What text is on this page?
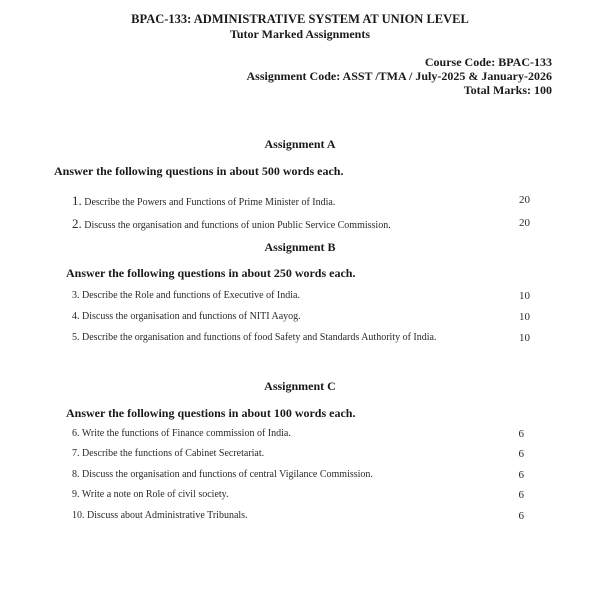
BPAC-133: ADMINISTRATIVE SYSTEM AT UNION LEVEL
Tutor Marked Assignments
Course Code: BPAC-133
Assignment Code: ASST /TMA / July-2025 & January-2026
Total Marks: 100
Assignment A
Answer the following questions in about 500 words each.
1. Describe the Powers and Functions of Prime Minister of India.	20
2. Discuss the organisation and functions of union Public Service Commission.	20
Assignment B
Answer the following questions in about 250 words each.
3. Describe the Role and functions of Executive of India.	10
4. Discuss the organisation and functions of NITI Aayog.	10
5. Describe the organisation and functions of food Safety and Standards Authority of India.	10
Assignment C
Answer the following questions in about 100 words each.
6. Write the functions of Finance commission of India.	6
7. Describe the functions of Cabinet Secretariat.	6
8. Discuss the organisation and functions of central Vigilance Commission.	6
9. Write a note on Role of civil society.	6
10. Discuss about Administrative Tribunals.	6
